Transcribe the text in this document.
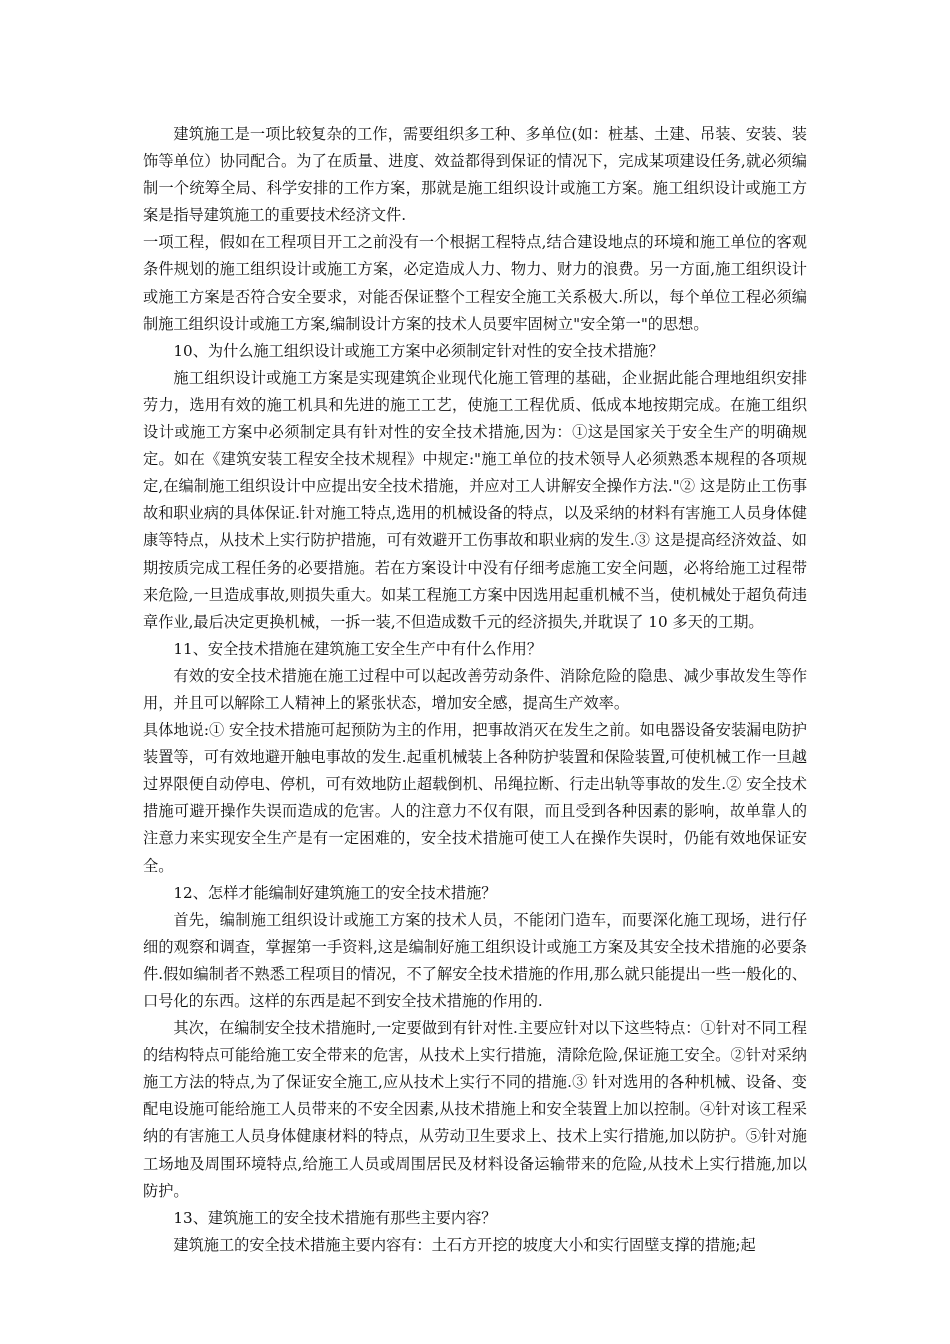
建筑施工是一项比较复杂的工作，需要组织多工种、多单位(如：桩基、土建、吊装、安装、装饰等单位）协同配合。为了在质量、进度、效益都得到保证的情况下，完成某项建设任务,就必须编制一个统筹全局、科学安排的工作方案，那就是施工组织设计或施工方案。施工组织设计或施工方案是指导建筑施工的重要技术经济文件.

一项工程，假如在工程项目开工之前没有一个根据工程特点,结合建设地点的环境和施工单位的客观条件规划的施工组织设计或施工方案，必定造成人力、物力、财力的浪费。另一方面,施工组织设计或施工方案是否符合安全要求，对能否保证整个工程安全施工关系极大.所以，每个单位工程必须编制施工组织设计或施工方案,编制设计方案的技术人员要牢固树立"安全第一"的思想。

10、为什么施工组织设计或施工方案中必须制定针对性的安全技术措施？

施工组织设计或施工方案是实现建筑企业现代化施工管理的基础，企业据此能合理地组织安排劳力，选用有效的施工机具和先进的施工工艺，使施工工程优质、低成本地按期完成。在施工组织设计或施工方案中必须制定具有针对性的安全技术措施,因为：①这是国家关于安全生产的明确规定。如在《建筑安装工程安全技术规程》中规定:"施工单位的技术领导人必须熟悉本规程的各项规定,在编制施工组织设计中应提出安全技术措施，并应对工人讲解安全操作方法."② 这是防止工伤事故和职业病的具体保证.针对施工特点,选用的机械设备的特点，以及采纳的材料有害施工人员身体健康等特点，从技术上实行防护措施，可有效避开工伤事故和职业病的发生.③ 这是提高经济效益、如期按质完成工程任务的必要措施。若在方案设计中没有仔细考虑施工安全问题，必将给施工过程带来危险,一旦造成事故,则损失重大。如某工程施工方案中因选用起重机械不当，使机械处于超负荷违章作业,最后决定更换机械，一拆一装,不但造成数千元的经济损失,并耽误了 10 多天的工期。

11、安全技术措施在建筑施工安全生产中有什么作用？

有效的安全技术措施在施工过程中可以起改善劳动条件、消除危险的隐患、减少事故发生等作用，并且可以解除工人精神上的紧张状态，增加安全感，提高生产效率。

具体地说:① 安全技术措施可起预防为主的作用，把事故消灭在发生之前。如电器设备安装漏电防护装置等，可有效地避开触电事故的发生.起重机械装上各种防护装置和保险装置,可使机械工作一旦越过界限便自动停电、停机，可有效地防止超载倒机、吊绳拉断、行走出轨等事故的发生.② 安全技术措施可避开操作失误而造成的危害。人的注意力不仅有限，而且受到各种因素的影响，故单靠人的注意力来实现安全生产是有一定困难的，安全技术措施可使工人在操作失误时，仍能有效地保证安全。

12、怎样才能编制好建筑施工的安全技术措施？

首先，编制施工组织设计或施工方案的技术人员，不能闭门造车，而要深化施工现场，进行仔细的观察和调查，掌握第一手资料,这是编制好施工组织设计或施工方案及其安全技术措施的必要条件.假如编制者不熟悉工程项目的情况，不了解安全技术措施的作用,那么就只能提出一些一般化的、口号化的东西。这样的东西是起不到安全技术措施的作用的.

其次，在编制安全技术措施时,一定要做到有针对性.主要应针对以下这些特点：①针对不同工程的结构特点可能给施工安全带来的危害，从技术上实行措施，清除危险,保证施工安全。②针对采纳施工方法的特点,为了保证安全施工,应从技术上实行不同的措施.③ 针对选用的各种机械、设备、变配电设施可能给施工人员带来的不安全因素,从技术措施上和安全装置上加以控制。④针对该工程采纳的有害施工人员身体健康材料的特点，从劳动卫生要求上、技术上实行措施,加以防护。⑤针对施工场地及周围环境特点,给施工人员或周围居民及材料设备运输带来的危险,从技术上实行措施,加以防护。

13、建筑施工的安全技术措施有那些主要内容？

建筑施工的安全技术措施主要内容有：土石方开挖的坡度大小和实行固壁支撑的措施;起
